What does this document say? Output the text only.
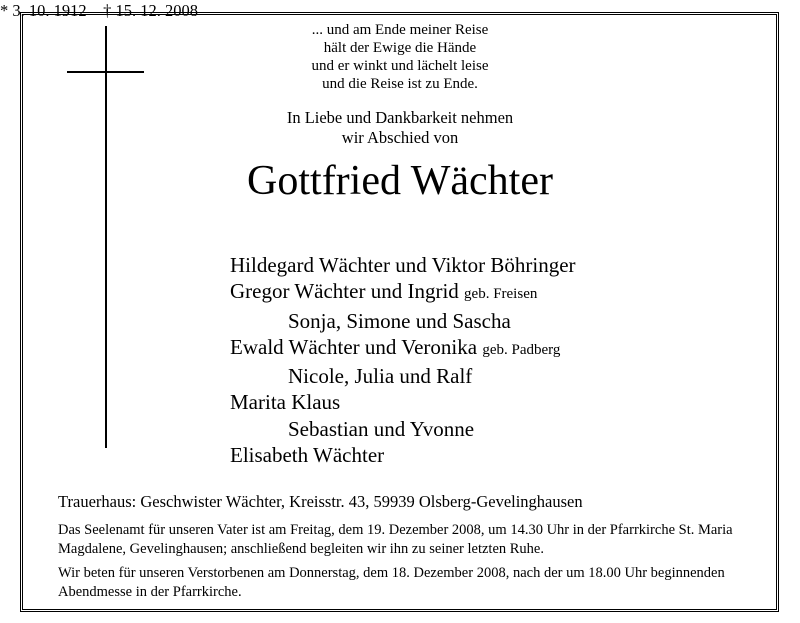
... und am Ende meiner Reise
hält der Ewige die Hände
und er winkt und lächelt leise
und die Reise ist zu Ende.
In Liebe und Dankbarkeit nehmen
wir Abschied von
Gottfried Wächter
* 3. 10. 1912 † 15. 12. 2008
Hildegard Wächter und Viktor Böhringer
Gregor Wächter und Ingrid geb. Freisen
Sonja, Simone und Sascha
Ewald Wächter und Veronika geb. Padberg
Nicole, Julia und Ralf
Marita Klaus
Sebastian und Yvonne
Elisabeth Wächter
Trauerhaus: Geschwister Wächter, Kreisstr. 43, 59939 Olsberg-Gevelinghausen
Das Seelenamt für unseren Vater ist am Freitag, dem 19. Dezember 2008, um 14.30 Uhr in der Pfarrkirche St. Maria Magdalene, Gevelinghausen; anschließend begleiten wir ihn zu seiner letzten Ruhe.
Wir beten für unseren Verstorbenen am Donnerstag, dem 18. Dezember 2008, nach der um 18.00 Uhr beginnenden Abendmesse in der Pfarrkirche.
